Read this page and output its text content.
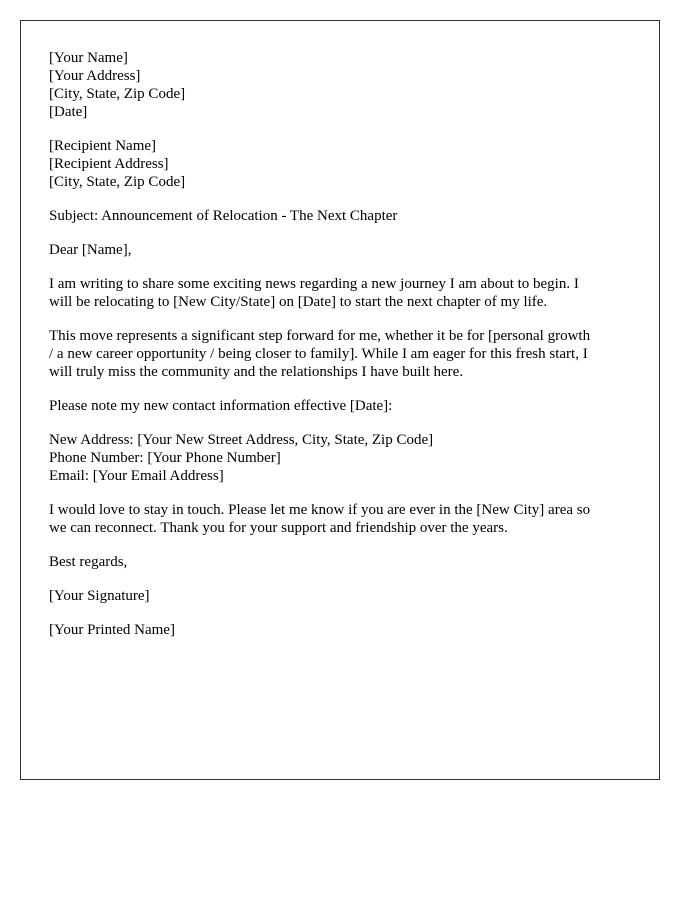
[Your Name]
[Your Address]
[City, State, Zip Code]
[Date]
[Recipient Name]
[Recipient Address]
[City, State, Zip Code]
Subject: Announcement of Relocation - The Next Chapter
Dear [Name],
I am writing to share some exciting news regarding a new journey I am about to begin. I
will be relocating to [New City/State] on [Date] to start the next chapter of my life.
This move represents a significant step forward for me, whether it be for [personal growth
/ a new career opportunity / being closer to family]. While I am eager for this fresh start, I
will truly miss the community and the relationships I have built here.
Please note my new contact information effective [Date]:
New Address: [Your New Street Address, City, State, Zip Code]
Phone Number: [Your Phone Number]
Email: [Your Email Address]
I would love to stay in touch. Please let me know if you are ever in the [New City] area so
we can reconnect. Thank you for your support and friendship over the years.
Best regards,
[Your Signature]
[Your Printed Name]
